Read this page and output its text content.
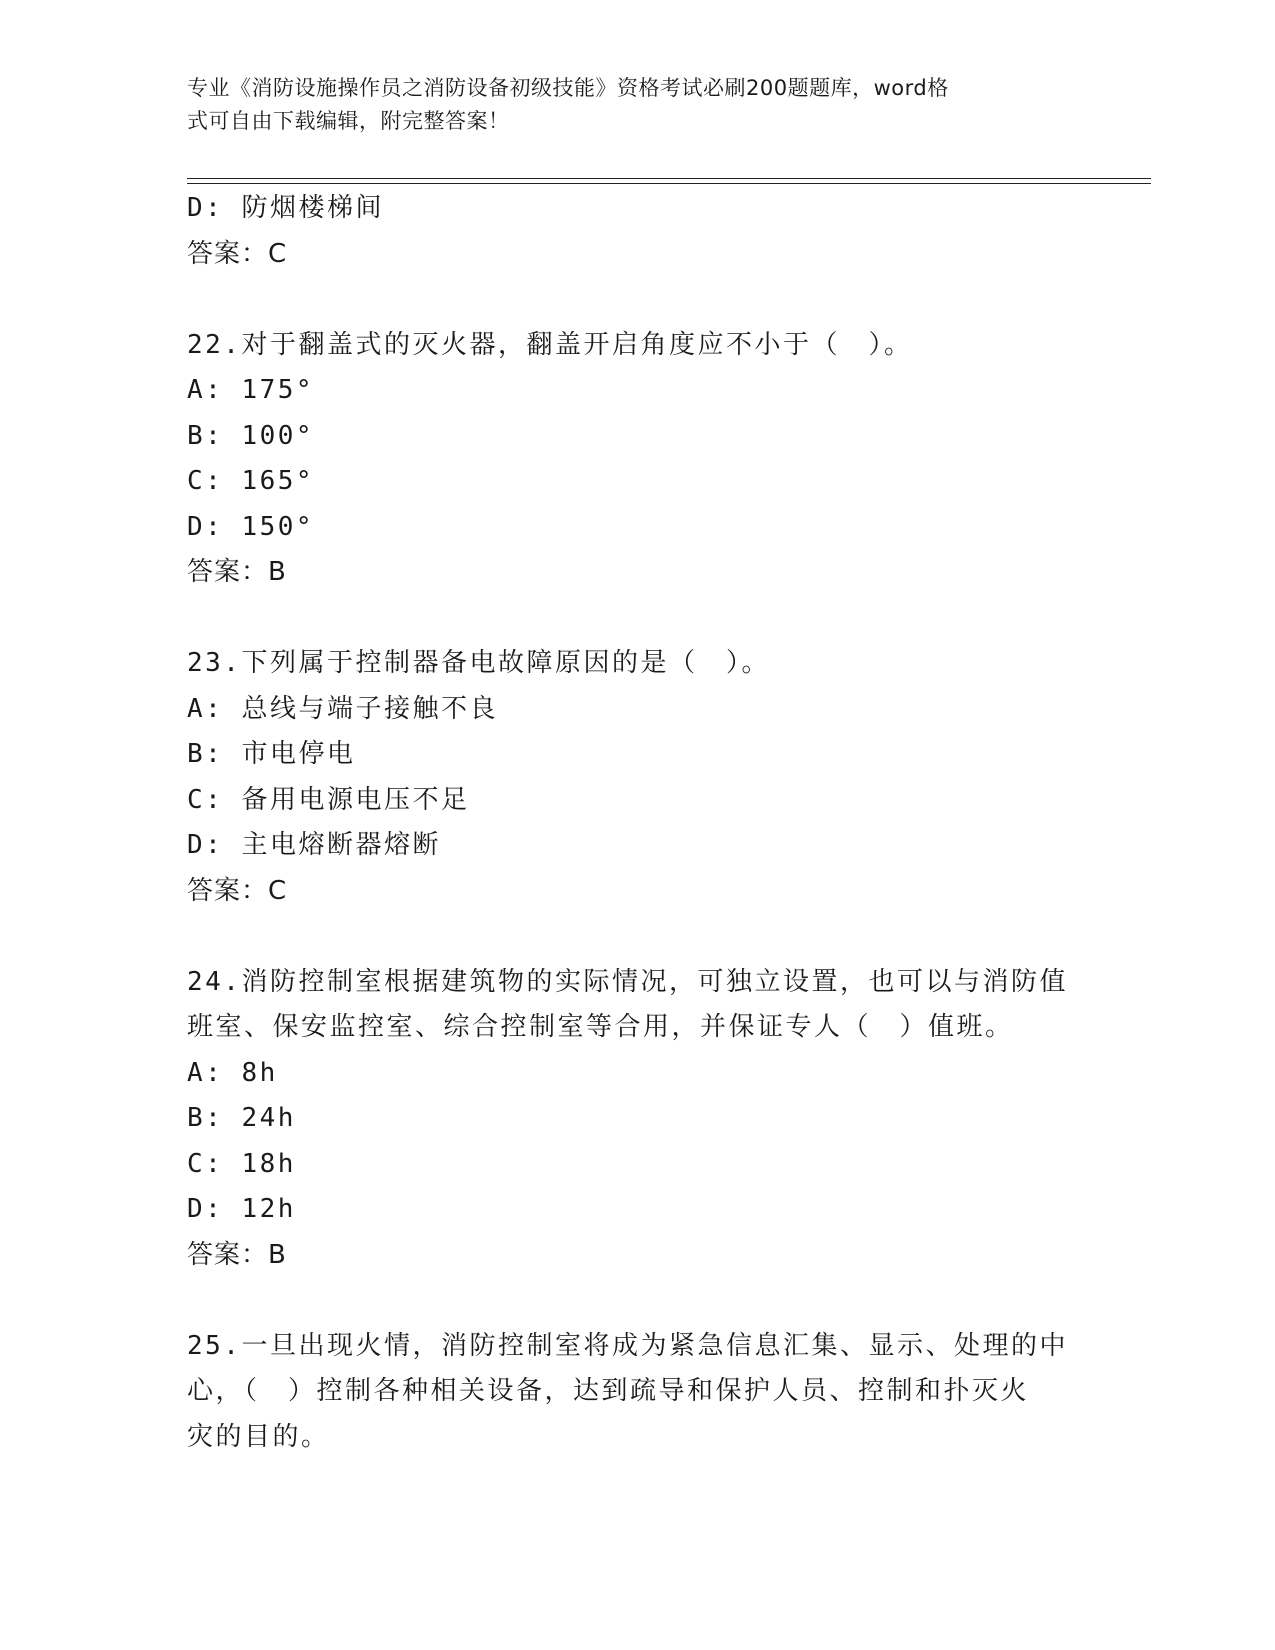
专业《消防设施操作员之消防设备初级技能》资格考试必刷200题题库，word格
式可自由下载编辑，附完整答案！
D: 防烟楼梯间
答案：C
22.对于翻盖式的灭火器，翻盖开启角度应不小于（　）。
A: 175°
B: 100°
C: 165°
D: 150°
答案：B
23.下列属于控制器备电故障原因的是（　）。
A: 总线与端子接触不良
B: 市电停电
C: 备用电源电压不足
D: 主电熔断器熔断
答案：C
24.消防控制室根据建筑物的实际情况，可独立设置，也可以与消防值
班室、保安监控室、综合控制室等合用，并保证专人（　）值班。
A: 8h
B: 24h
C: 18h
D: 12h
答案：B
25.一旦出现火情，消防控制室将成为紧急信息汇集、显示、处理的中
心，（　）控制各种相关设备，达到疏导和保护人员、控制和扑灭火
灾的目的。
